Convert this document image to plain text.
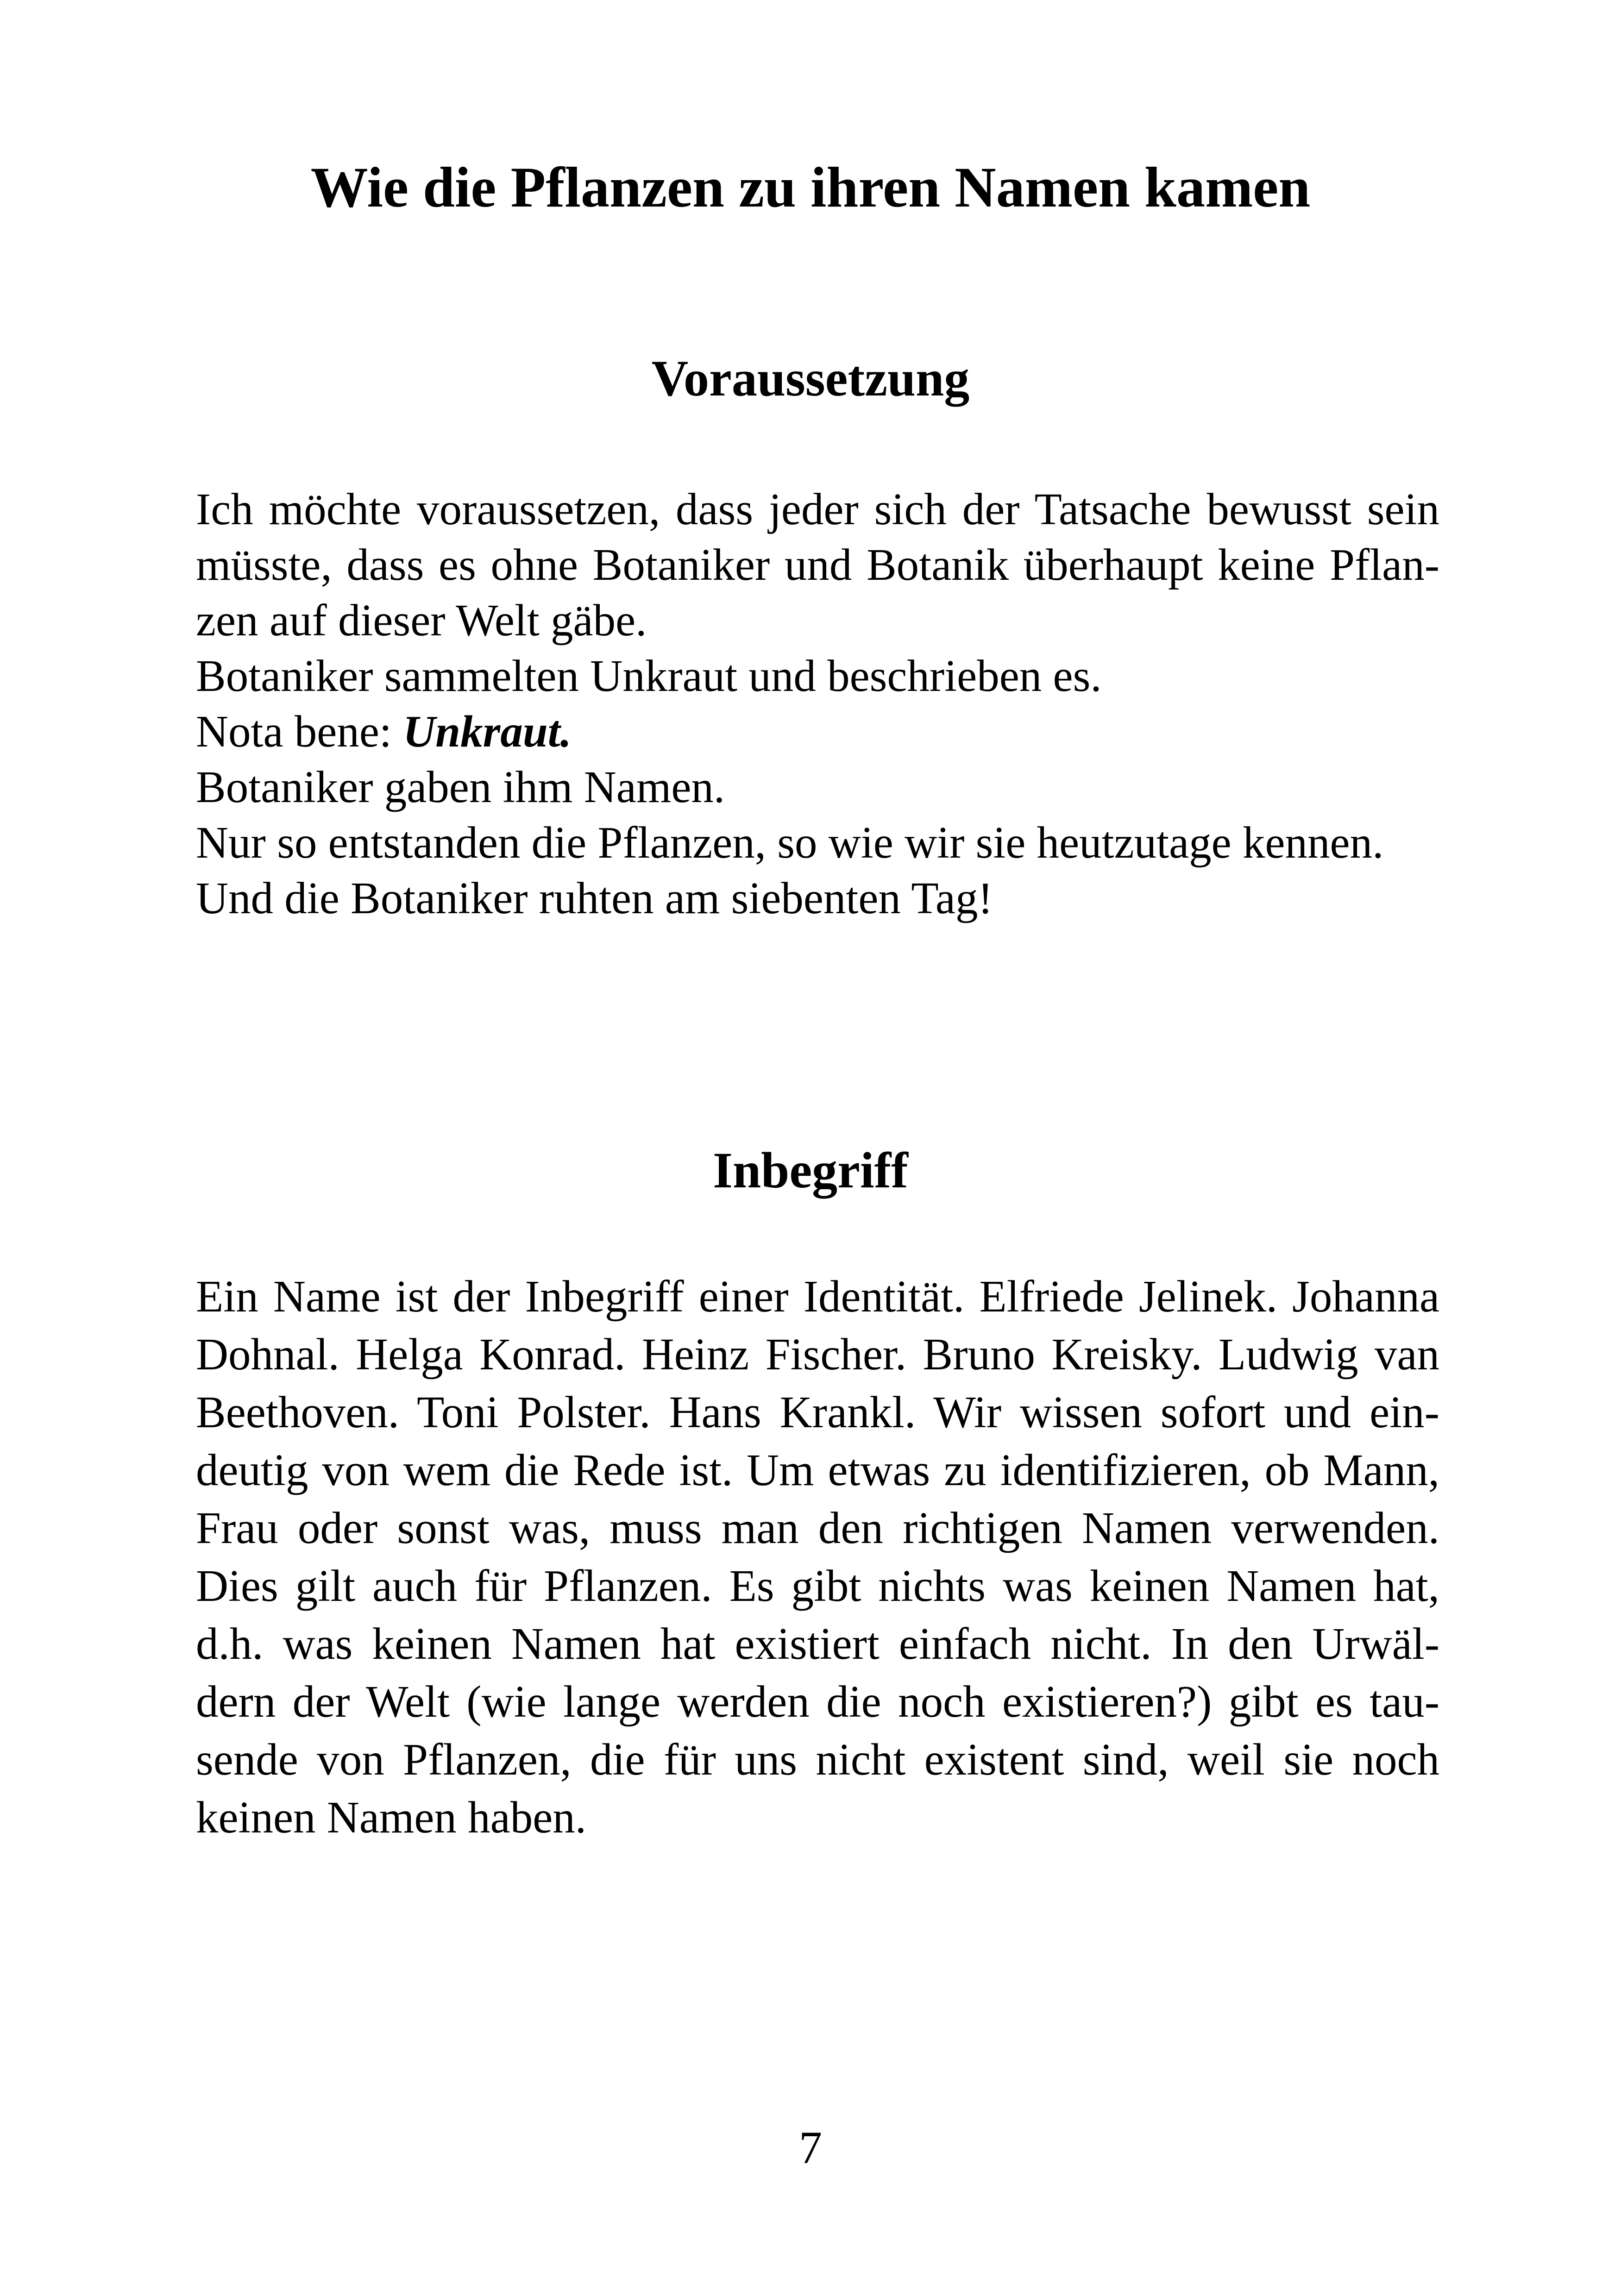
Wie die Pflanzen zu ihren Namen kamen
Voraussetzung

Ich möchte voraussetzen, dass jeder sich der Tatsache bewusst sein

müsste, dass es ohne Botaniker und Botanik überhaupt keine Pflan-

zen auf dieser Welt gäbe.

Botaniker sammelten Unkraut und beschrieben es.

Nota bene: Unkraut.

Botaniker gaben ihm Namen.

Nur so entstanden die Pflanzen, so wie wir sie heutzutage kennen.

Und die Botaniker ruhten am siebenten Tag!

Inbegriff

Ein Name ist der Inbegriff einer Identität. Elfriede Jelinek. Johanna

Dohnal. Helga Konrad. Heinz Fischer. Bruno Kreisky. Ludwig van

Beethoven. Toni Polster. Hans Krankl. Wir wissen sofort und ein-

deutig von wem die Rede ist. Um etwas zu identifizieren, ob Mann,

Frau oder sonst was, muss man den richtigen Namen verwenden.

Dies gilt auch für Pflanzen. Es gibt nichts was keinen Namen hat,

d.h. was keinen Namen hat existiert einfach nicht. In den Urwäl-

dern der Welt (wie lange werden die noch existieren?) gibt es tau-

sende von Pflanzen, die für uns nicht existent sind, weil sie noch

keinen Namen haben.

7
